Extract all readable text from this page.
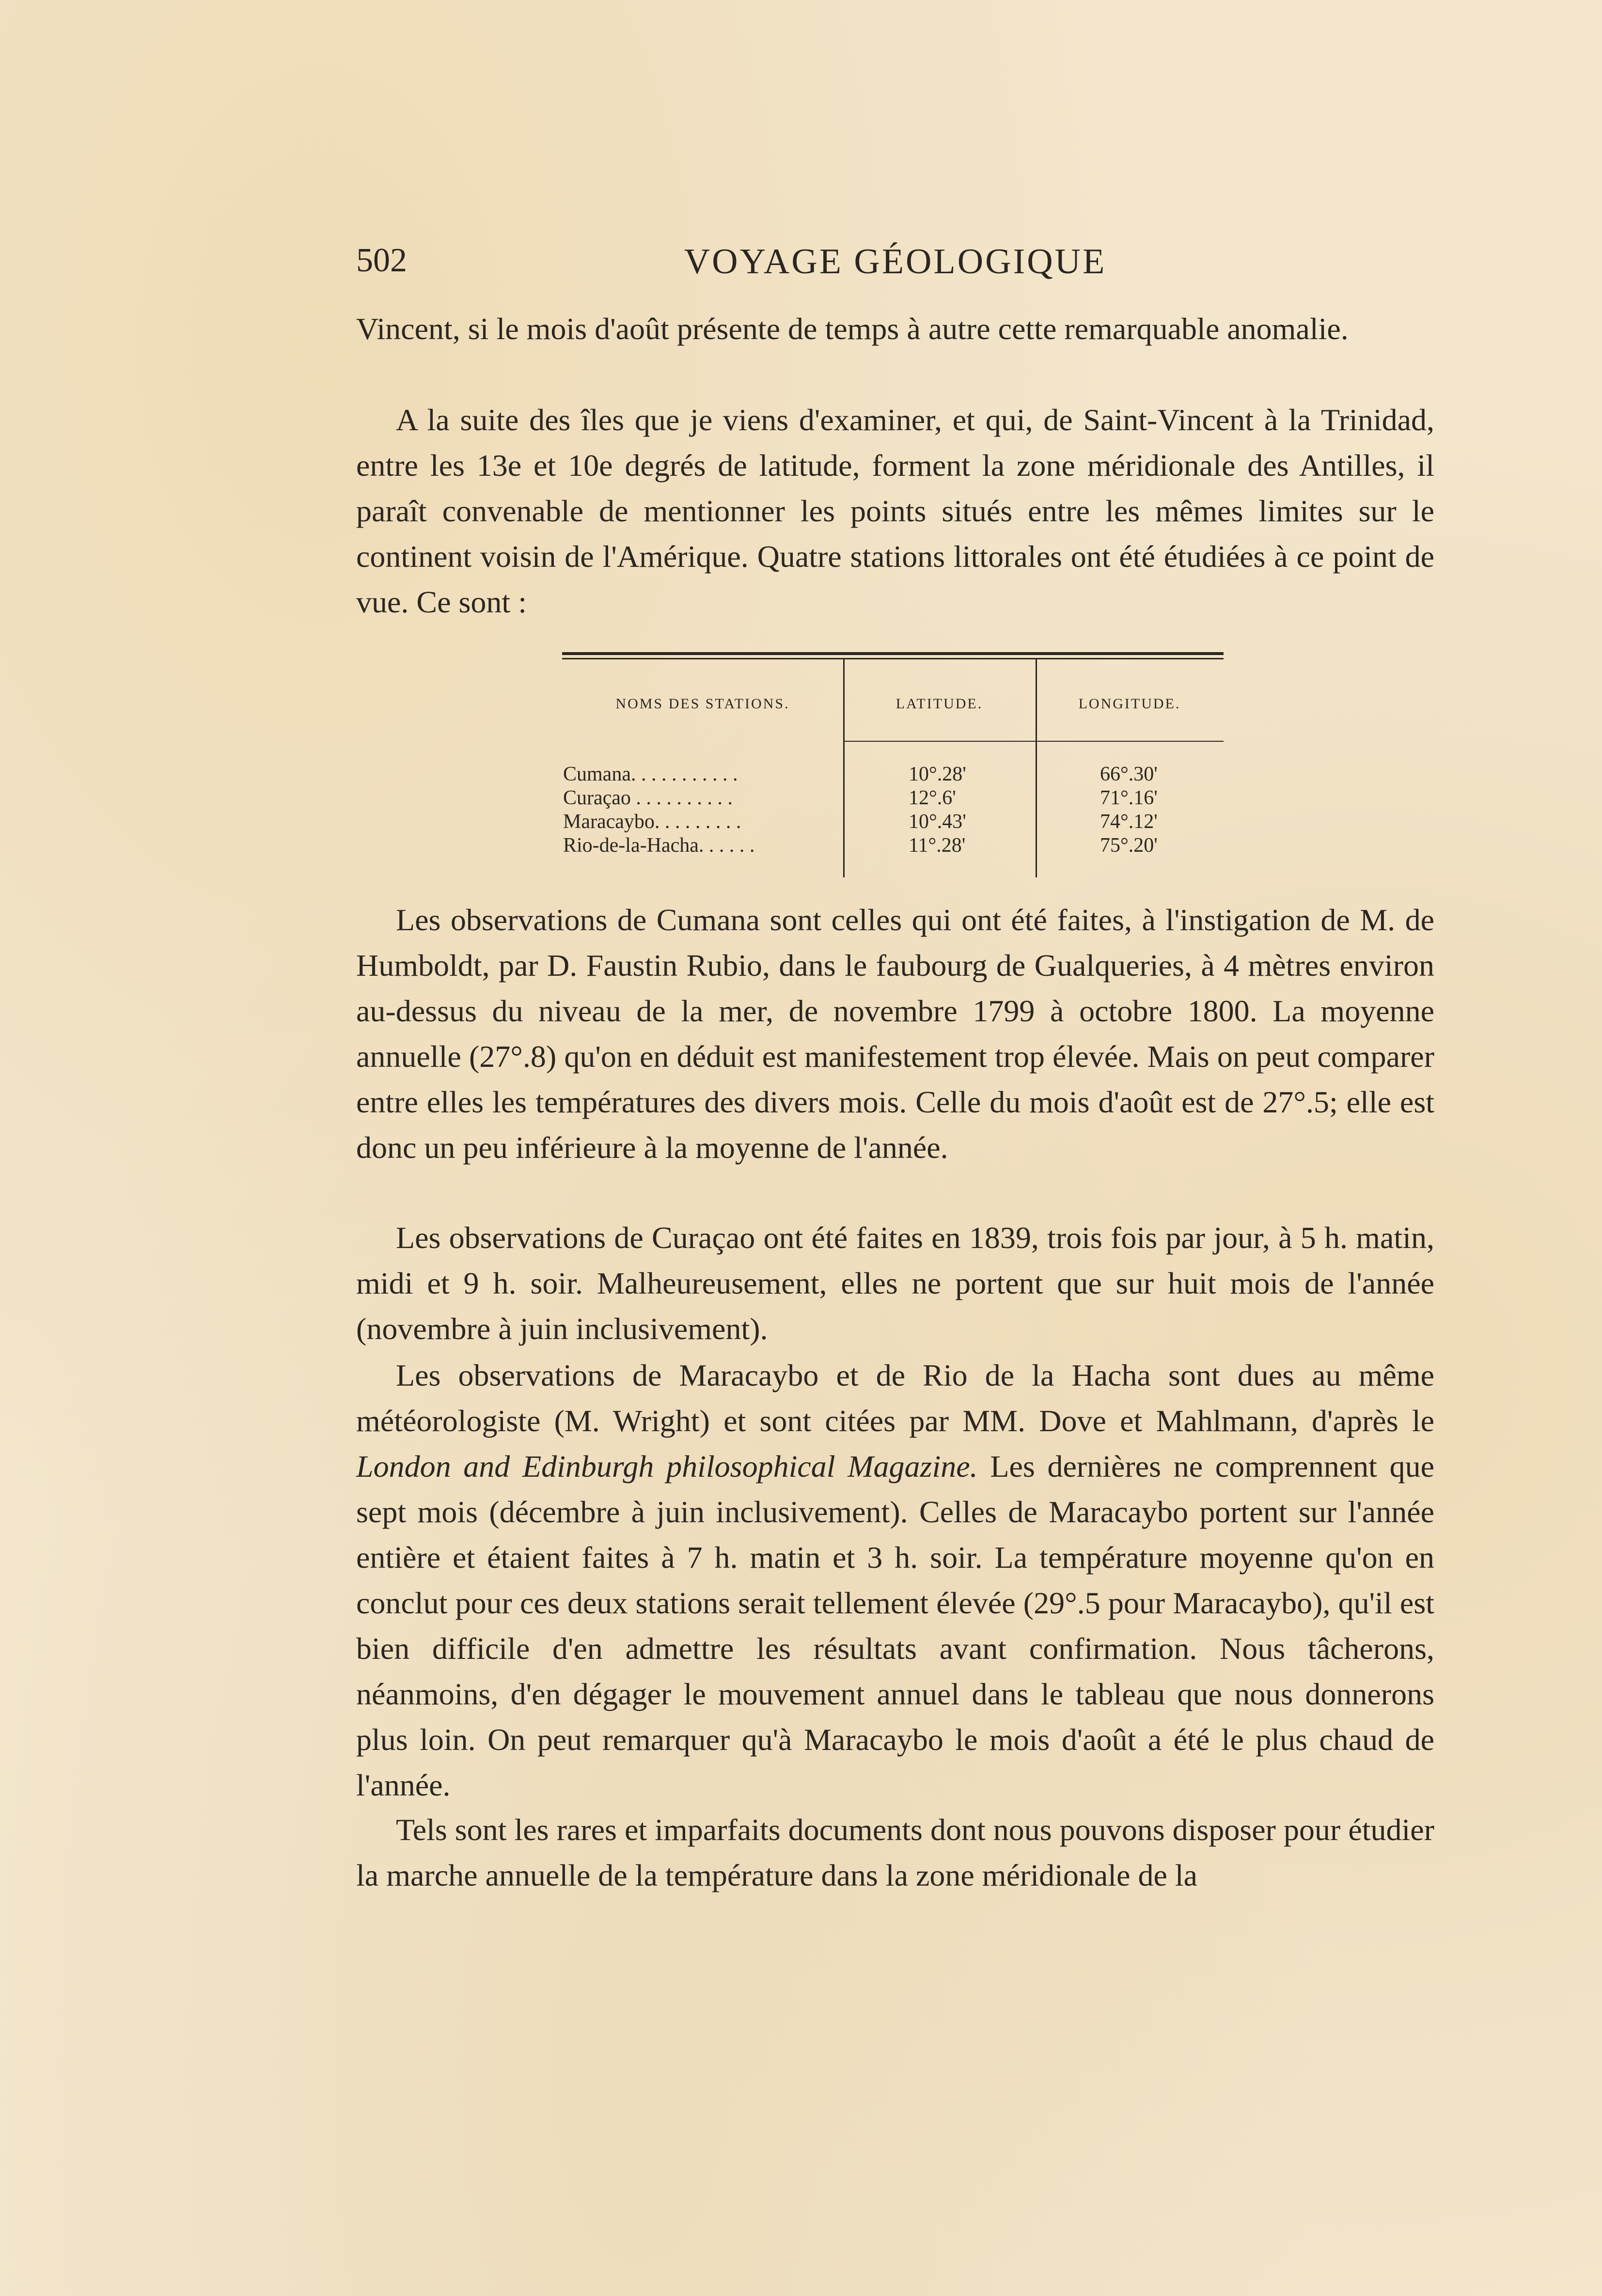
502	VOYAGE GÉOLOGIQUE

Vincent, si le mois d'août présente de temps à autre cette remarquable anomalie.

A la suite des îles que je viens d'examiner, et qui, de Saint-Vincent à la Trinidad, entre les 13e et 10e degrés de latitude, forment la zone méridionale des Antilles, il paraît convenable de mentionner les points situés entre les mêmes limites sur le continent voisin de l'Amérique. Quatre stations littorales ont été étudiées à ce point de vue. Ce sont :

NOMS DES STATIONS.	LATITUDE.	LONGITUDE.
Cumana. . . . . . . . . . .	10°.28'	66°.30'
Curaçao . . . . . . . . . .	12°.6'	71°.16'
Maracaybo. . . . . . . . .	10°.43'	74°.12'
Rio-de-la-Hacha. . . . . .	11°.28'	75°.20'

Les observations de Cumana sont celles qui ont été faites, à l'instigation de M. de Humboldt, par D. Faustin Rubio, dans le faubourg de Gualqueries, à 4 mètres environ au-dessus du niveau de la mer, de novembre 1799 à octobre 1800. La moyenne annuelle (27°.8) qu'on en déduit est manifestement trop élevée. Mais on peut comparer entre elles les températures des divers mois. Celle du mois d'août est de 27°.5; elle est donc un peu inférieure à la moyenne de l'année.

Les observations de Curaçao ont été faites en 1839, trois fois par jour, à 5 h. matin, midi et 9 h. soir. Malheureusement, elles ne portent que sur huit mois de l'année (novembre à juin inclusivement).

Les observations de Maracaybo et de Rio de la Hacha sont dues au même météorologiste (M. Wright) et sont citées par MM. Dove et Mahlmann, d'après le London and Edinburgh philosophical Magazine. Les dernières ne comprennent que sept mois (décembre à juin inclusivement). Celles de Maracaybo portent sur l'année entière et étaient faites à 7 h. matin et 3 h. soir. La température moyenne qu'on en conclut pour ces deux stations serait tellement élevée (29°.5 pour Maracaybo), qu'il est bien difficile d'en admettre les résultats avant confirmation. Nous tâcherons, néanmoins, d'en dégager le mouvement annuel dans le tableau que nous donnerons plus loin. On peut remarquer qu'à Maracaybo le mois d'août a été le plus chaud de l'année.

Tels sont les rares et imparfaits documents dont nous pouvons disposer pour étudier la marche annuelle de la température dans la zone méridionale de la
